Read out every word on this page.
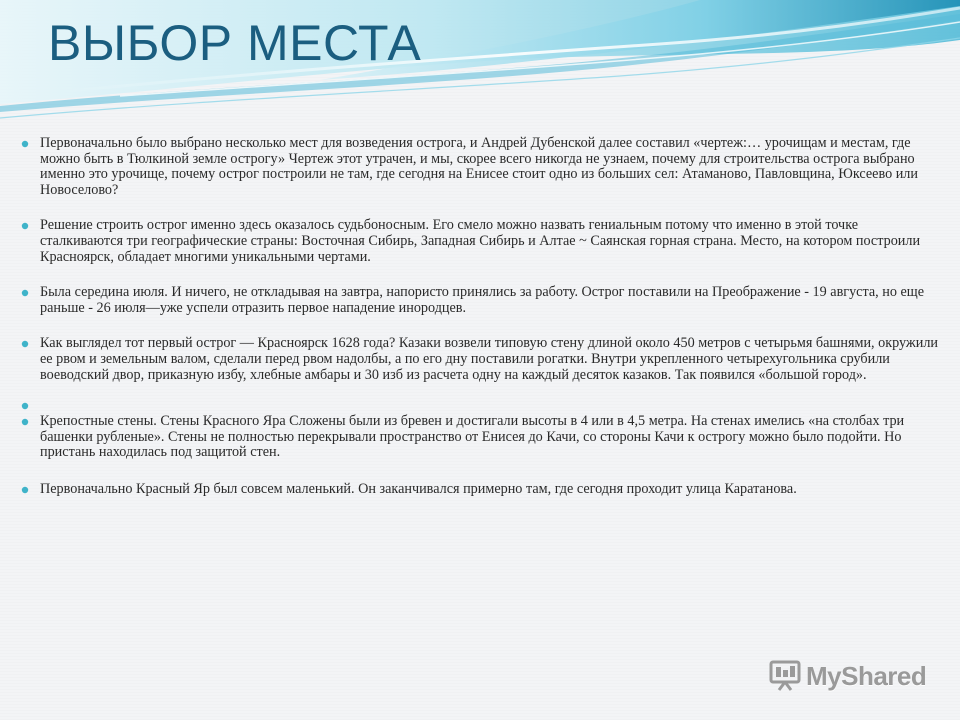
ВЫБОР МЕСТА

Первоначально было выбрано несколько мест для возведения острога, и Андрей Дубенской далее составил «чертеж:… урочищам и местам, где можно быть в Тюлкиной земле острогу» Чертеж этот утрачен, и мы, скорее всего никогда не узнаем, почему для строительства острога выбрано именно это урочище, почему острог построили не там, где сегодня на Енисее стоит одно из больших сел: Атаманово, Павловщина, Юксеево или Новоселово?

Решение строить острог именно здесь оказалось судьбоносным. Его смело можно назвать гениальным потому что именно в этой точке сталкиваются три географические страны: Восточная Сибирь, Западная Сибирь и Алтае ~ Саянская горная страна. Место, на котором построили Красноярск, обладает многими уникальными чертами.

Была середина июля. И ничего, не откладывая на завтра, напористо принялись за работу. Острог поставили на Преображение - 19 августа, но еще раньше - 26 июля—уже успели отразить первое нападение инородцев.

Как выглядел тот первый острог — Красноярск 1628 года? Казаки возвели типовую стену длиной около 450 метров с четырьмя башнями, окружили ее рвом и земельным валом, сделали перед рвом надолбы, а по его дну поставили рогатки. Внутри укрепленного четырехугольника срубили воеводский двор, приказную избу, хлебные амбары и 30 изб из расчета одну на каждый десяток казаков. Так появился «большой город».

Крепостные стены. Стены Красного Яра Сложены были из бревен и достигали высоты в 4 или в 4,5 метра. На стенах имелись «на столбах три башенки рубленые». Стены не полностью перекрывали пространство от Енисея до Качи, со стороны Качи к острогу можно было подойти. Но пристань находилась под защитой стен.

Первоначально Красный Яр был совсем маленький. Он заканчивался примерно там, где сегодня проходит улица Каратанова.

MyShared
